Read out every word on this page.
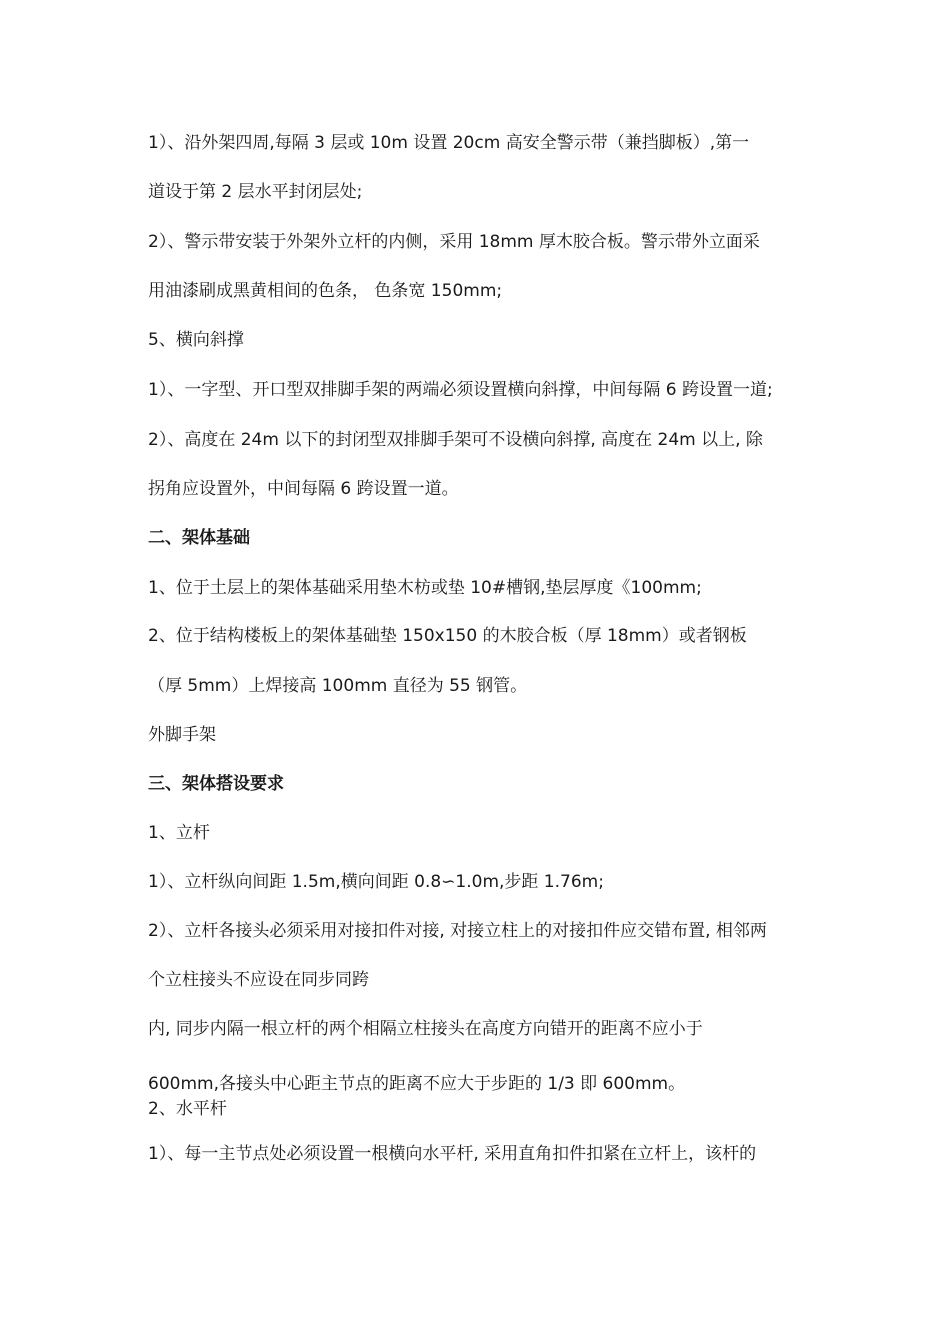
1）、沿外架四周,每隔 3 层或 10m 设置 20cm 高安全警示带（兼挡脚板）,第一

道设于第 2 层水平封闭层处;

2）、警示带安装于外架外立杆的内侧，采用 18mm 厚木胶合板。警示带外立面采

用油漆刷成黑黄相间的色条， 色条宽 150mm;

5、横向斜撑

1）、一字型、开口型双排脚手架的两端必须设置横向斜撑，中间每隔 6 跨设置一道;

2）、高度在 24m 以下的封闭型双排脚手架可不设横向斜撑, 高度在 24m 以上, 除

拐角应设置外，中间每隔 6 跨设置一道。

二、架体基础

1、位于土层上的架体基础采用垫木枋或垫 10#槽钢,垫层厚度《100mm;

2、位于结构楼板上的架体基础垫 150x150 的木胶合板（厚 18mm）或者钢板

（厚 5mm）上焊接高 100mm 直径为 55 钢管。

外脚手架

三、架体搭设要求

1、立杆

1）、立杆纵向间距 1.5m,横向间距 0.8∽1.0m,步距 1.76m;

2）、立杆各接头必须采用对接扣件对接, 对接立柱上的对接扣件应交错布置, 相邻两

个立柱接头不应设在同步同跨

内, 同步内隔一根立杆的两个相隔立柱接头在高度方向错开的距离不应小于

600mm,各接头中心距主节点的距离不应大于步距的 1/3 即 600mm。

2、水平杆

1）、每一主节点处必须设置一根横向水平杆, 采用直角扣件扣紧在立杆上，该杆的
